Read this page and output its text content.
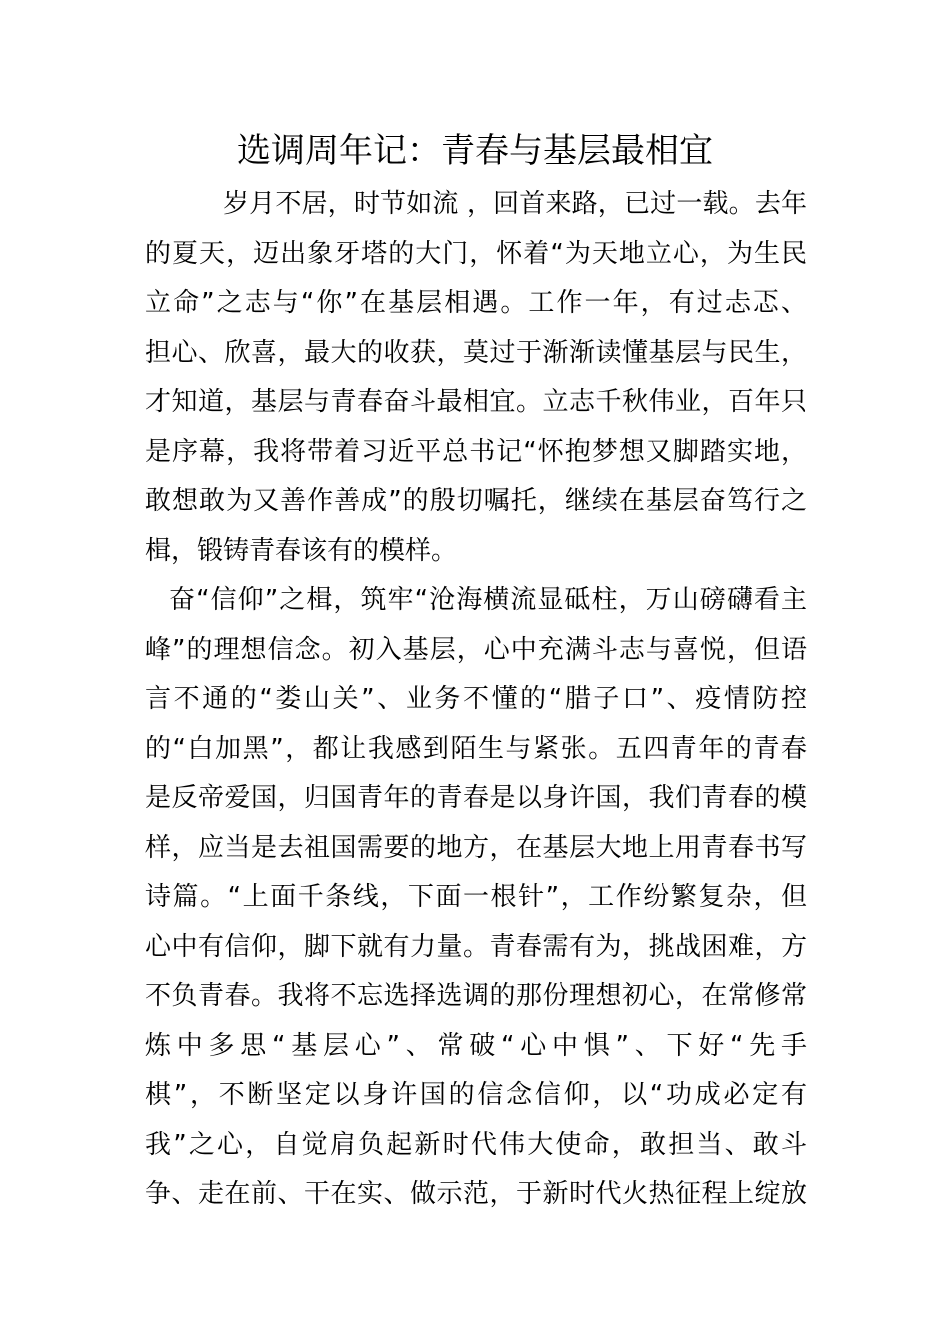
选调周年记：青春与基层最相宜
岁月不居，时节如流 ，回首来路，已过一载。去年
的夏天，迈出象牙塔的大门，怀着“为天地立心，为生民
立命”之志与“你”在基层相遇。工作一年，有过忐忑、
担心、欣喜，最大的收获，莫过于渐渐读懂基层与民生，
才知道，基层与青春奋斗最相宜。立志千秋伟业，百年只
是序幕，我将带着习近平总书记“怀抱梦想又脚踏实地，
敢想敢为又善作善成”的殷切嘱托，继续在基层奋笃行之
楫，锻铸青春该有的模样。
奋“信仰”之楫，筑牢“沧海横流显砥柱，万山磅礴看主
峰”的理想信念。初入基层，心中充满斗志与喜悦，但语
言不通的“娄山关”、业务不懂的“腊子口”、疫情防控
的“白加黑”，都让我感到陌生与紧张。五四青年的青春
是反帝爱国，归国青年的青春是以身许国，我们青春的模
样，应当是去祖国需要的地方，在基层大地上用青春书写
诗篇。“上面千条线，下面一根针”，工作纷繁复杂，但
心中有信仰，脚下就有力量。青春需有为，挑战困难，方
不负青春。我将不忘选择选调的那份理想初心，在常修常
炼中多思“基层心”、常破“心中惧”、下好“先手
棋”，不断坚定以身许国的信念信仰，以“功成必定有
我”之心，自觉肩负起新时代伟大使命，敢担当、敢斗
争、走在前、干在实、做示范，于新时代火热征程上绽放
